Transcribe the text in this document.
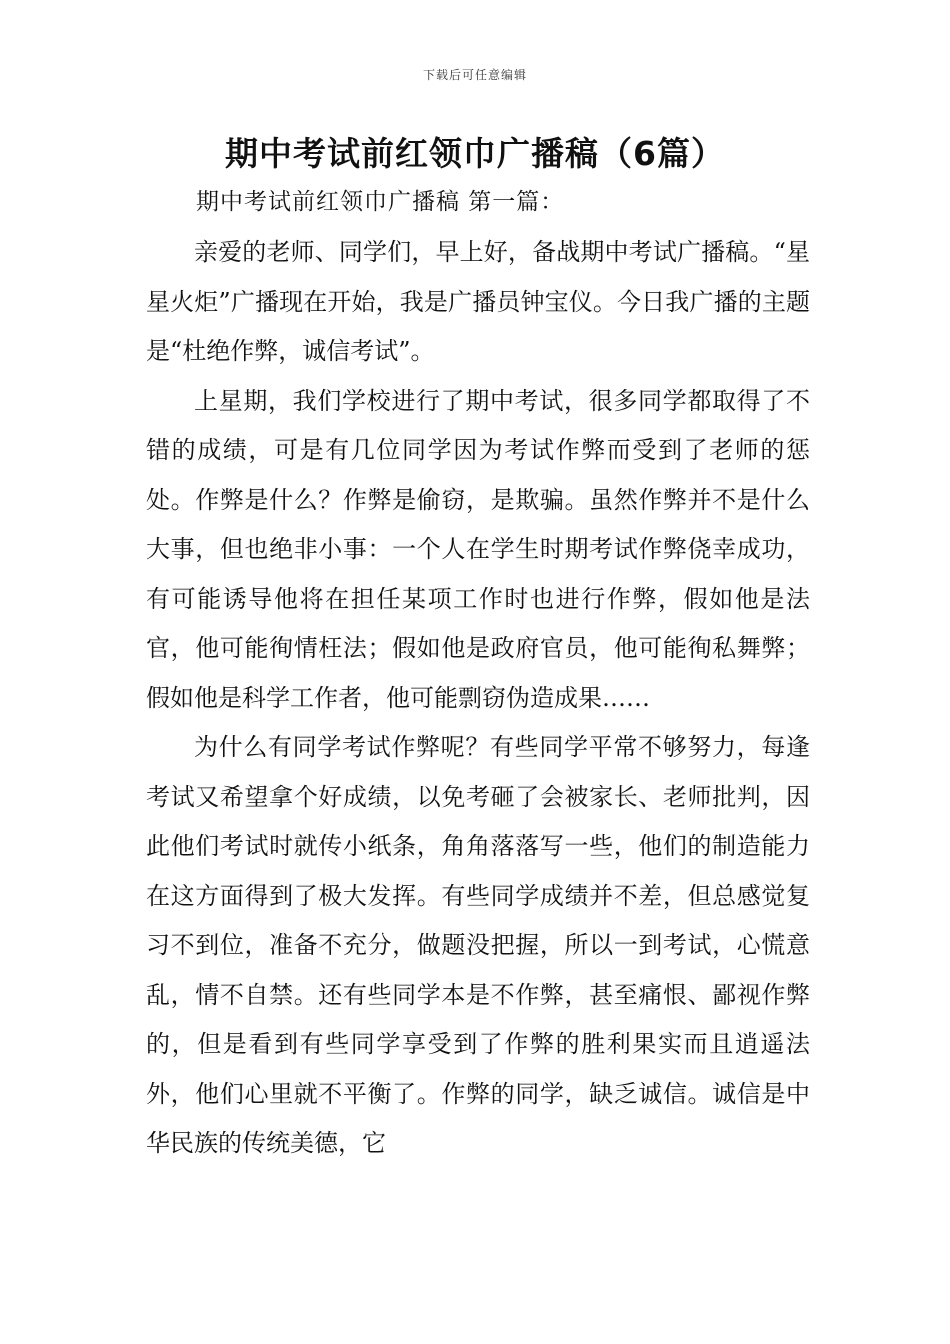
下载后可任意编辑
期中考试前红领巾广播稿（6篇）
期中考试前红领巾广播稿 第一篇：

亲爱的老师、同学们，早上好，备战期中考试广播稿。“星星火炬”广播现在开始，我是广播员钟宝仪。今日我广播的主题是“杜绝作弊，诚信考试”。

上星期，我们学校进行了期中考试，很多同学都取得了不错的成绩，可是有几位同学因为考试作弊而受到了老师的惩处。作弊是什么？作弊是偷窃，是欺骗。虽然作弊并不是什么大事，但也绝非小事：一个人在学生时期考试作弊侥幸成功，有可能诱导他将在担任某项工作时也进行作弊，假如他是法官，他可能徇情枉法；假如他是政府官员，他可能徇私舞弊；假如他是科学工作者，他可能剽窃伪造成果……

为什么有同学考试作弊呢？有些同学平常不够努力，每逢考试又希望拿个好成绩，以免考砸了会被家长、老师批判，因此他们考试时就传小纸条，角角落落写一些，他们的制造能力在这方面得到了极大发挥。有些同学成绩并不差，但总感觉复习不到位，准备不充分，做题没把握，所以一到考试，心慌意乱，情不自禁。还有些同学本是不作弊，甚至痛恨、鄙视作弊的，但是看到有些同学享受到了作弊的胜利果实而且逍遥法外，他们心里就不平衡了。作弊的同学，缺乏诚信。诚信是中华民族的传统美德，它
